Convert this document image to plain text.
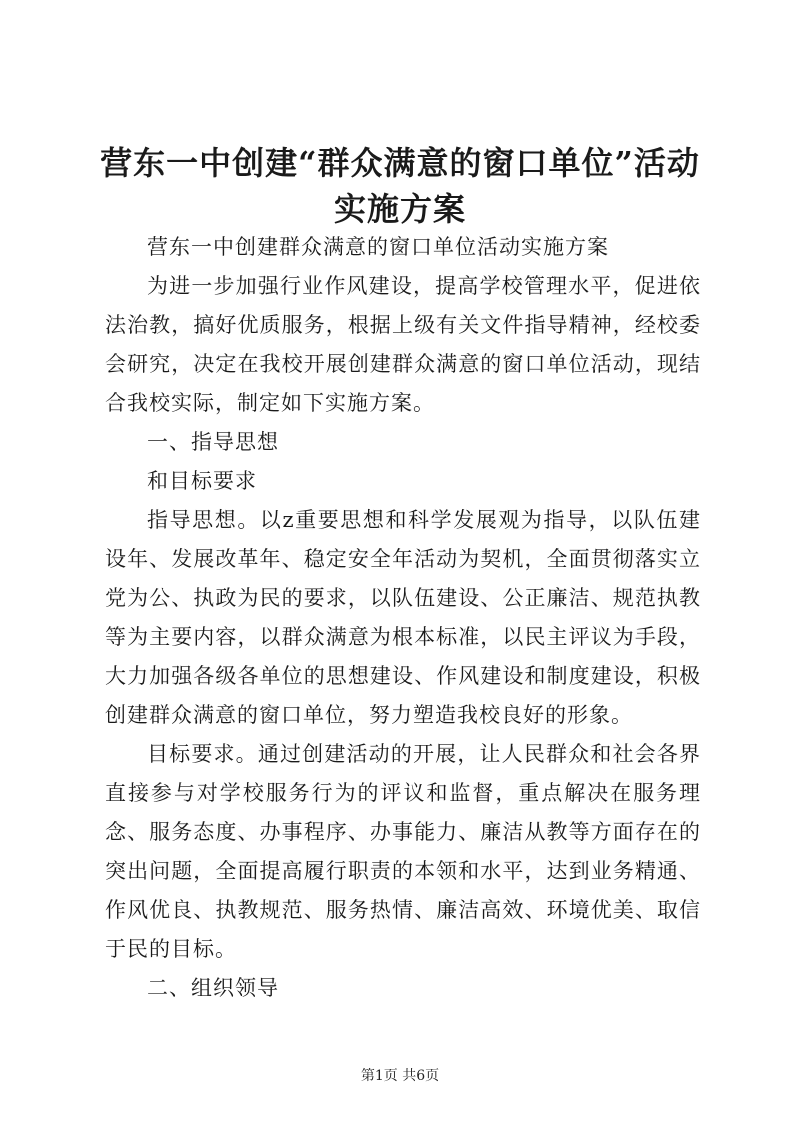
营东一中创建“群众满意的窗口单位”活动实施方案

营东一中创建群众满意的窗口单位活动实施方案

为进一步加强行业作风建设，提高学校管理水平，促进依法治教，搞好优质服务，根据上级有关文件指导精神，经校委会研究，决定在我校开展创建群众满意的窗口单位活动，现结合我校实际，制定如下实施方案。

一、指导思想

和目标要求

指导思想。以z重要思想和科学发展观为指导，以队伍建设年、发展改革年、稳定安全年活动为契机，全面贯彻落实立党为公、执政为民的要求，以队伍建设、公正廉洁、规范执教等为主要内容，以群众满意为根本标准，以民主评议为手段，大力加强各级各单位的思想建设、作风建设和制度建设，积极创建群众满意的窗口单位，努力塑造我校良好的形象。

目标要求。通过创建活动的开展，让人民群众和社会各界直接参与对学校服务行为的评议和监督，重点解决在服务理念、服务态度、办事程序、办事能力、廉洁从教等方面存在的突出问题，全面提高履行职责的本领和水平，达到业务精通、作风优良、执教规范、服务热情、廉洁高效、环境优美、取信于民的目标。

二、组织领导

第1页 共6页
